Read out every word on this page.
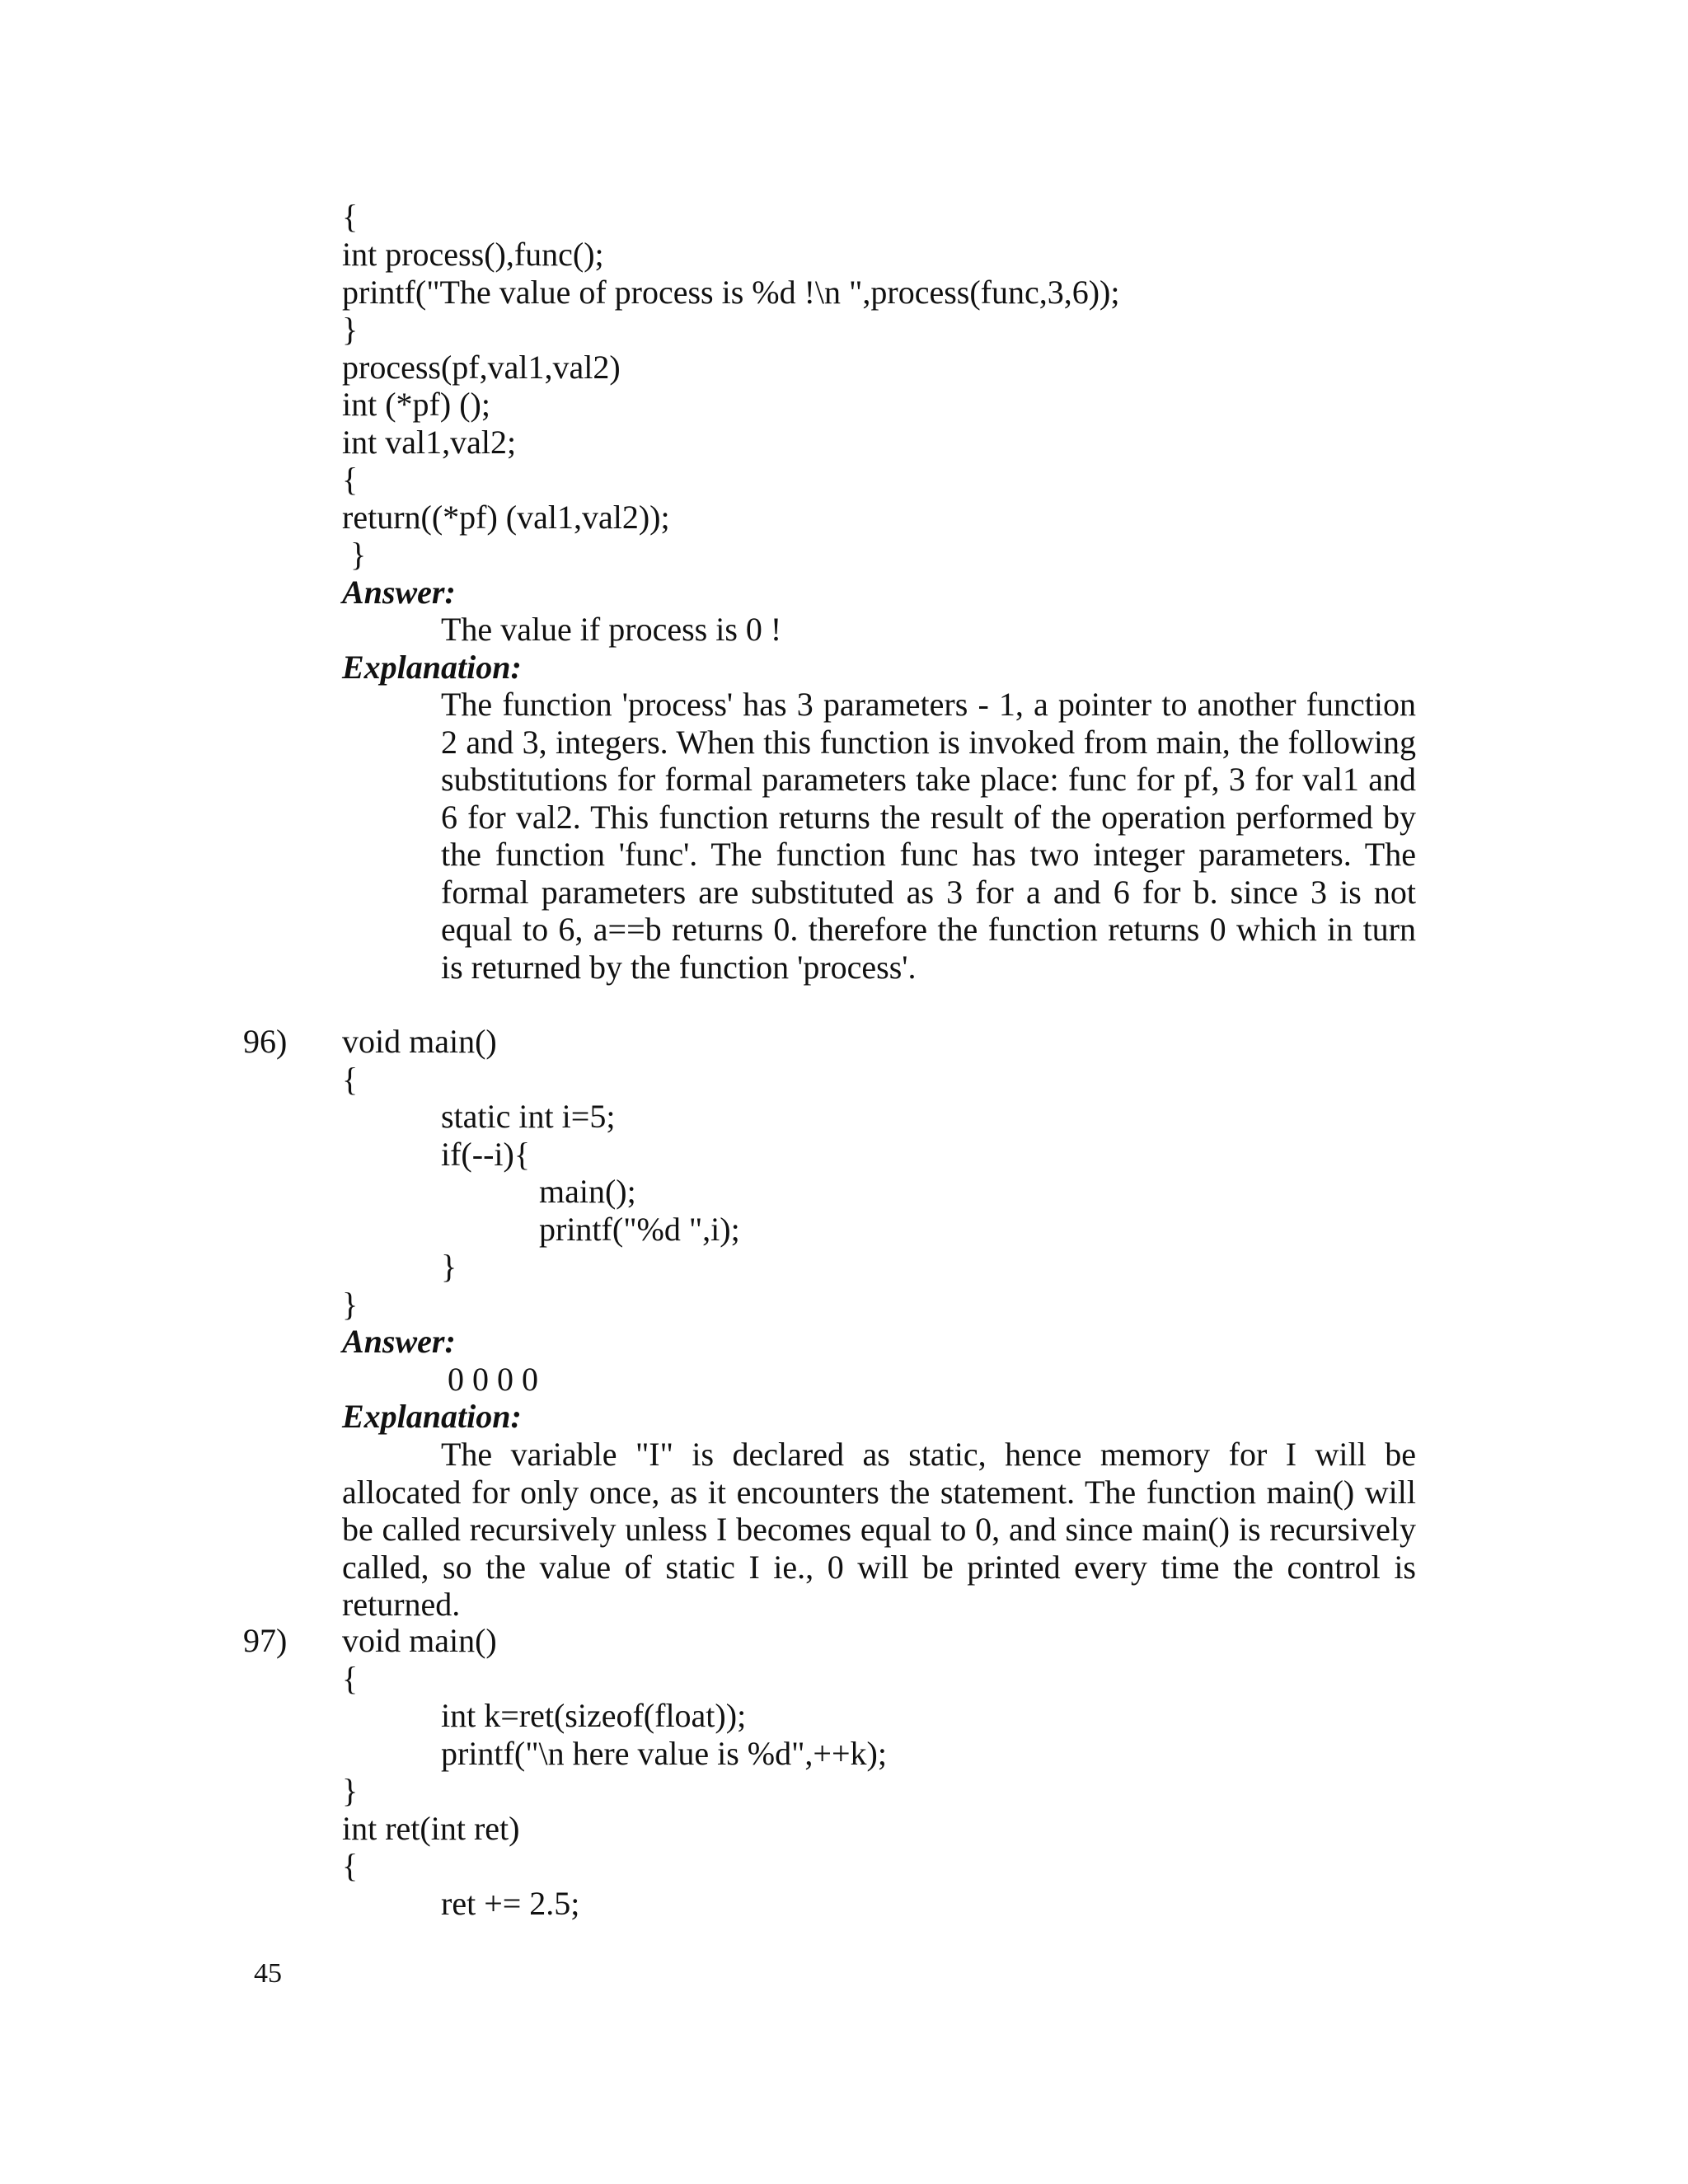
{
int process(),func();
printf("The value of process is %d !\n ",process(func,3,6));
}
process(pf,val1,val2)
int (*pf) ();
int val1,val2;
{
return((*pf) (val1,val2));
}
Answer:
The value if process is 0 !
Explanation:

The function 'process' has 3 parameters - 1, a pointer to another function 2 and 3, integers. When this function is invoked from main, the following substitutions for formal parameters take place: func for pf, 3 for val1 and 6 for val2. This function returns the result of the operation performed by the function 'func'. The function func has two integer parameters. The formal parameters are substituted as 3 for a and 6 for b. since 3 is not equal to 6, a==b returns 0. therefore the function returns 0 which in turn is returned by the function 'process'.

96) void main()
{
static int i=5;
if(--i){
main();
printf("%d ",i);
}
}
Answer:
0 0 0 0
Explanation:

The variable "I" is declared as static, hence memory for I will be allocated for only once, as it encounters the statement. The function main() will be called recursively unless I becomes equal to 0, and since main() is recursively called, so the value of static I ie., 0 will be printed every time the control is returned.

97) void main()
{
int k=ret(sizeof(float));
printf("\n here value is %d",++k);
}
int ret(int ret)
{
ret += 2.5;
45
